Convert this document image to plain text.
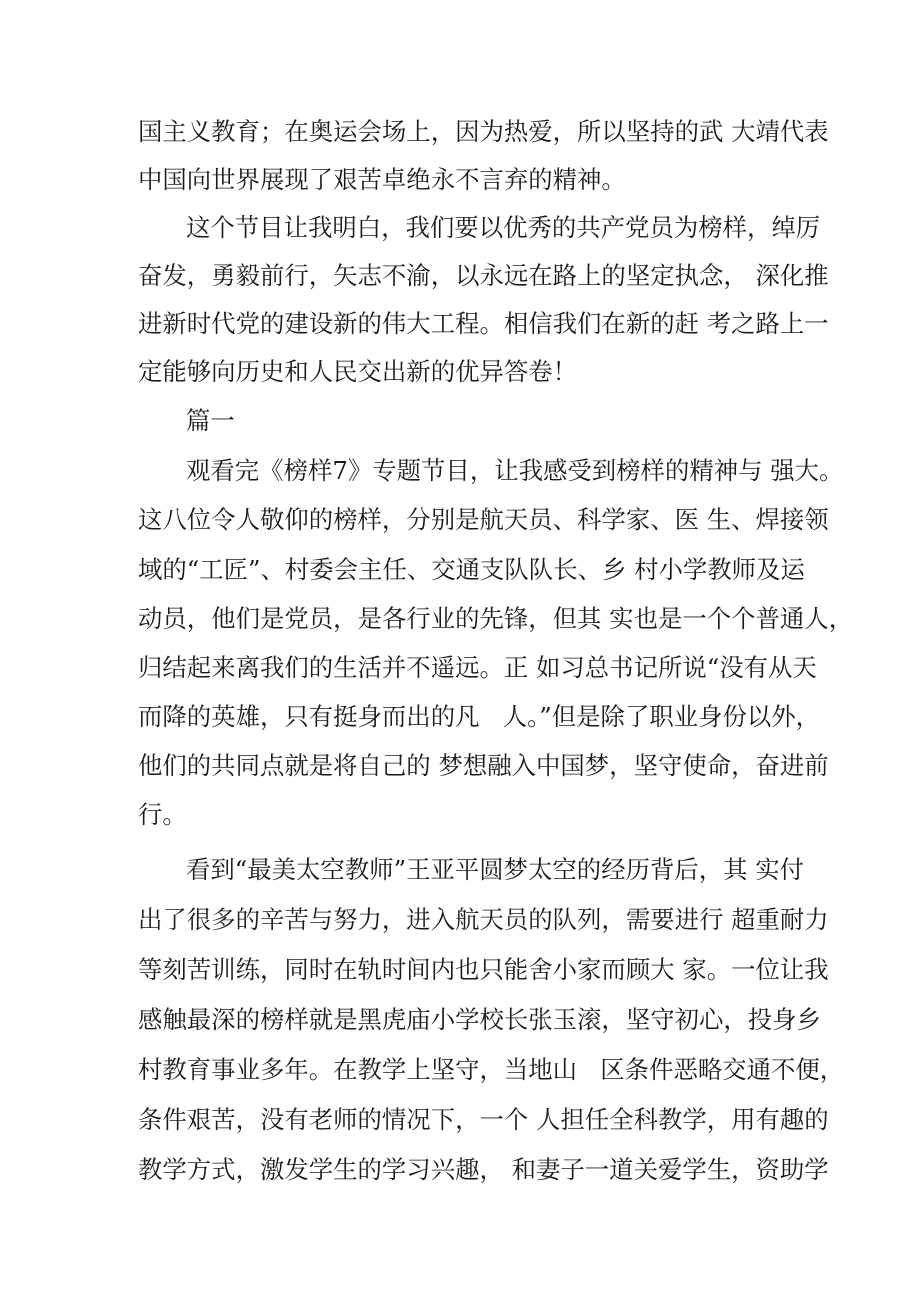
国主义教育；在奥运会场上，因为热爱，所以坚持的武 大靖代表

中国向世界展现了艰苦卓绝永不言弃的精神。

这个节目让我明白，我们要以优秀的共产党员为榜样，绰厉

奋发，勇毅前行，矢志不渝，以永远在路上的坚定执念， 深化推

进新时代党的建设新的伟大工程。相信我们在新的赶 考之路上一

定能够向历史和人民交出新的优异答卷！

篇一

观看完《榜样7》专题节目，让我感受到榜样的精神与 强大。

这八位令人敬仰的榜样，分别是航天员、科学家、医 生、焊接领

域的“工匠”、村委会主任、交通支队队长、乡 村小学教师及运

动员，他们是党员，是各行业的先锋，但其 实也是一个个普通人，

归结起来离我们的生活并不遥远。正 如习总书记所说“没有从天

而降的英雄，只有挺身而出的凡   人。”但是除了职业身份以外，

他们的共同点就是将自己的 梦想融入中国梦，坚守使命，奋进前

行。

看到“最美太空教师”王亚平圆梦太空的经历背后，其 实付

出了很多的辛苦与努力，进入航天员的队列，需要进行 超重耐力

等刻苦训练，同时在轨时间内也只能舍小家而顾大 家。一位让我

感触最深的榜样就是黑虎庙小学校长张玉滚，坚守初心，投身乡

村教育事业多年。在教学上坚守，当地山   区条件恶略交通不便，

条件艰苦，没有老师的情况下，一个 人担任全科教学，用有趣的

教学方式，激发学生的学习兴趣， 和妻子一道关爱学生，资助学
